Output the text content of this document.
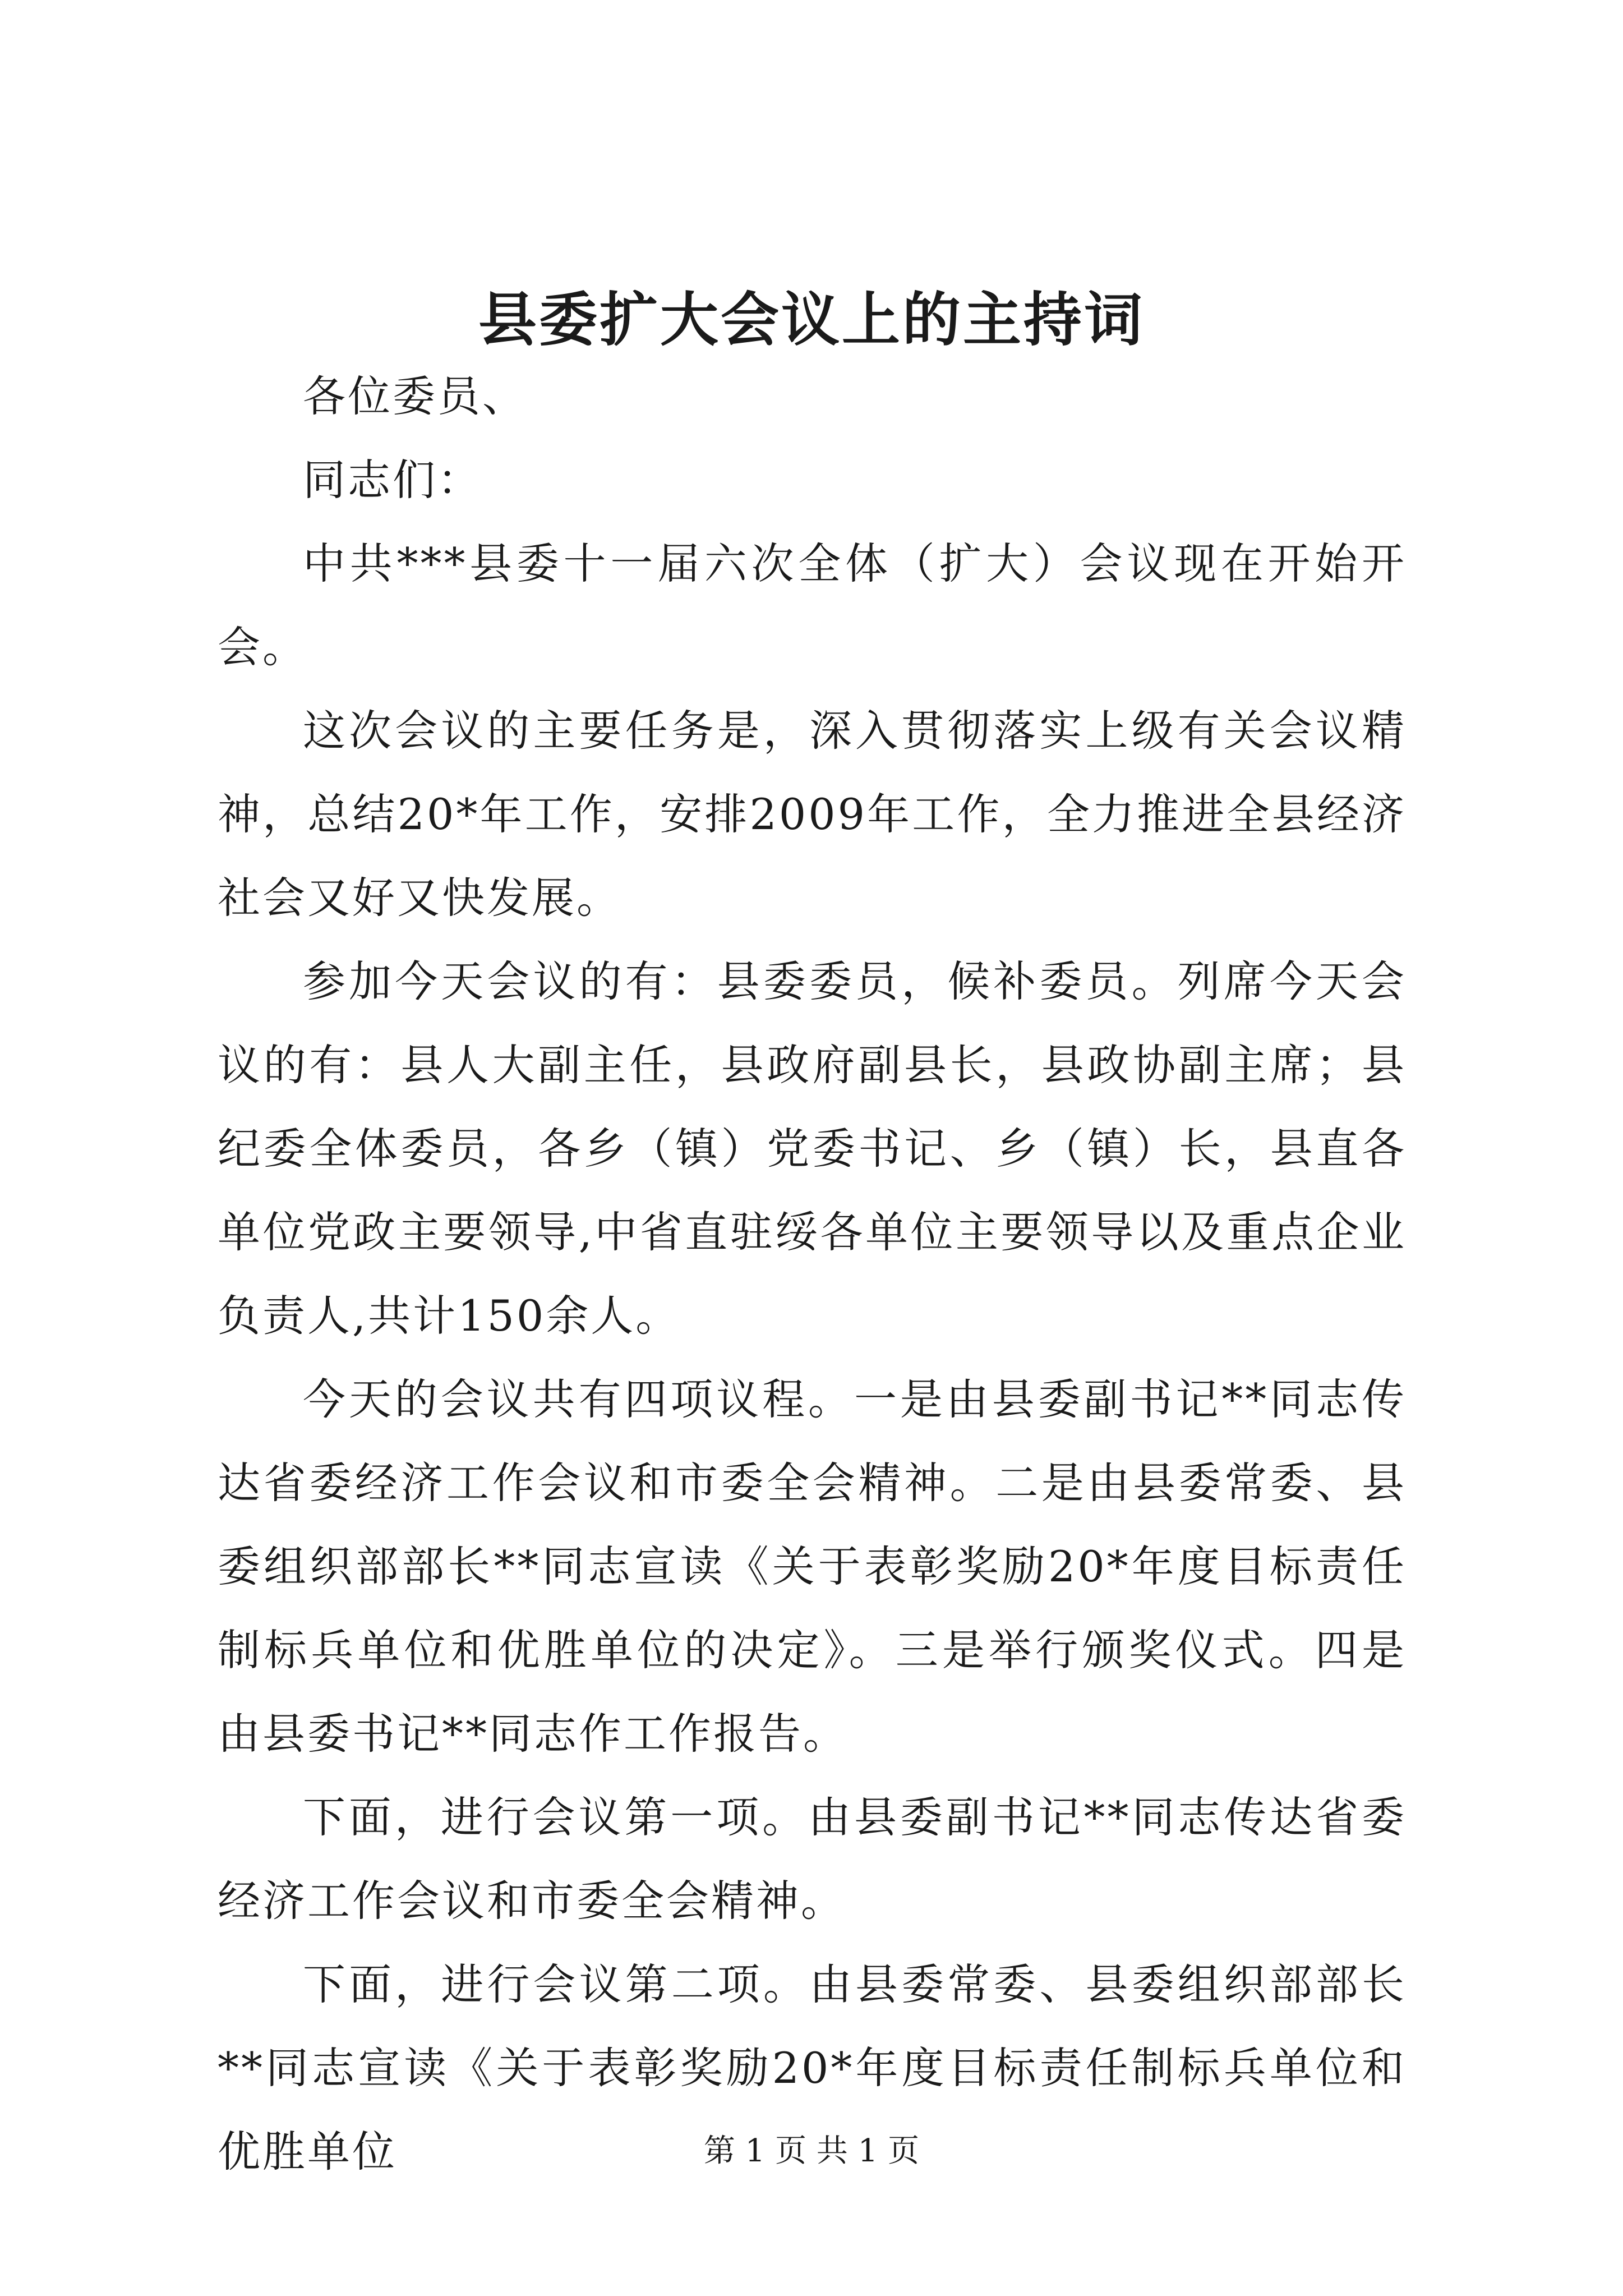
县委扩大会议上的主持词

各位委员、

同志们：

中共***县委十一届六次全体（扩大）会议现在开始开会。

这次会议的主要任务是，深入贯彻落实上级有关会议精神，总结20*年工作，安排2009年工作，全力推进全县经济社会又好又快发展。

参加今天会议的有：县委委员，候补委员。列席今天会议的有：县人大副主任，县政府副县长，县政协副主席；县纪委全体委员，各乡（镇）党委书记、乡（镇）长，县直各单位党政主要领导,中省直驻绥各单位主要领导以及重点企业负责人,共计150余人。

今天的会议共有四项议程。一是由县委副书记**同志传达省委经济工作会议和市委全会精神。二是由县委常委、县委组织部部长**同志宣读《关于表彰奖励20*年度目标责任制标兵单位和优胜单位的决定》。三是举行颁奖仪式。四是由县委书记**同志作工作报告。

下面，进行会议第一项。由县委副书记**同志传达省委经济工作会议和市委全会精神。

下面，进行会议第二项。由县委常委、县委组织部部长**同志宣读《关于表彰奖励20*年度目标责任制标兵单位和优胜单位	第 1 页 共 1 页
